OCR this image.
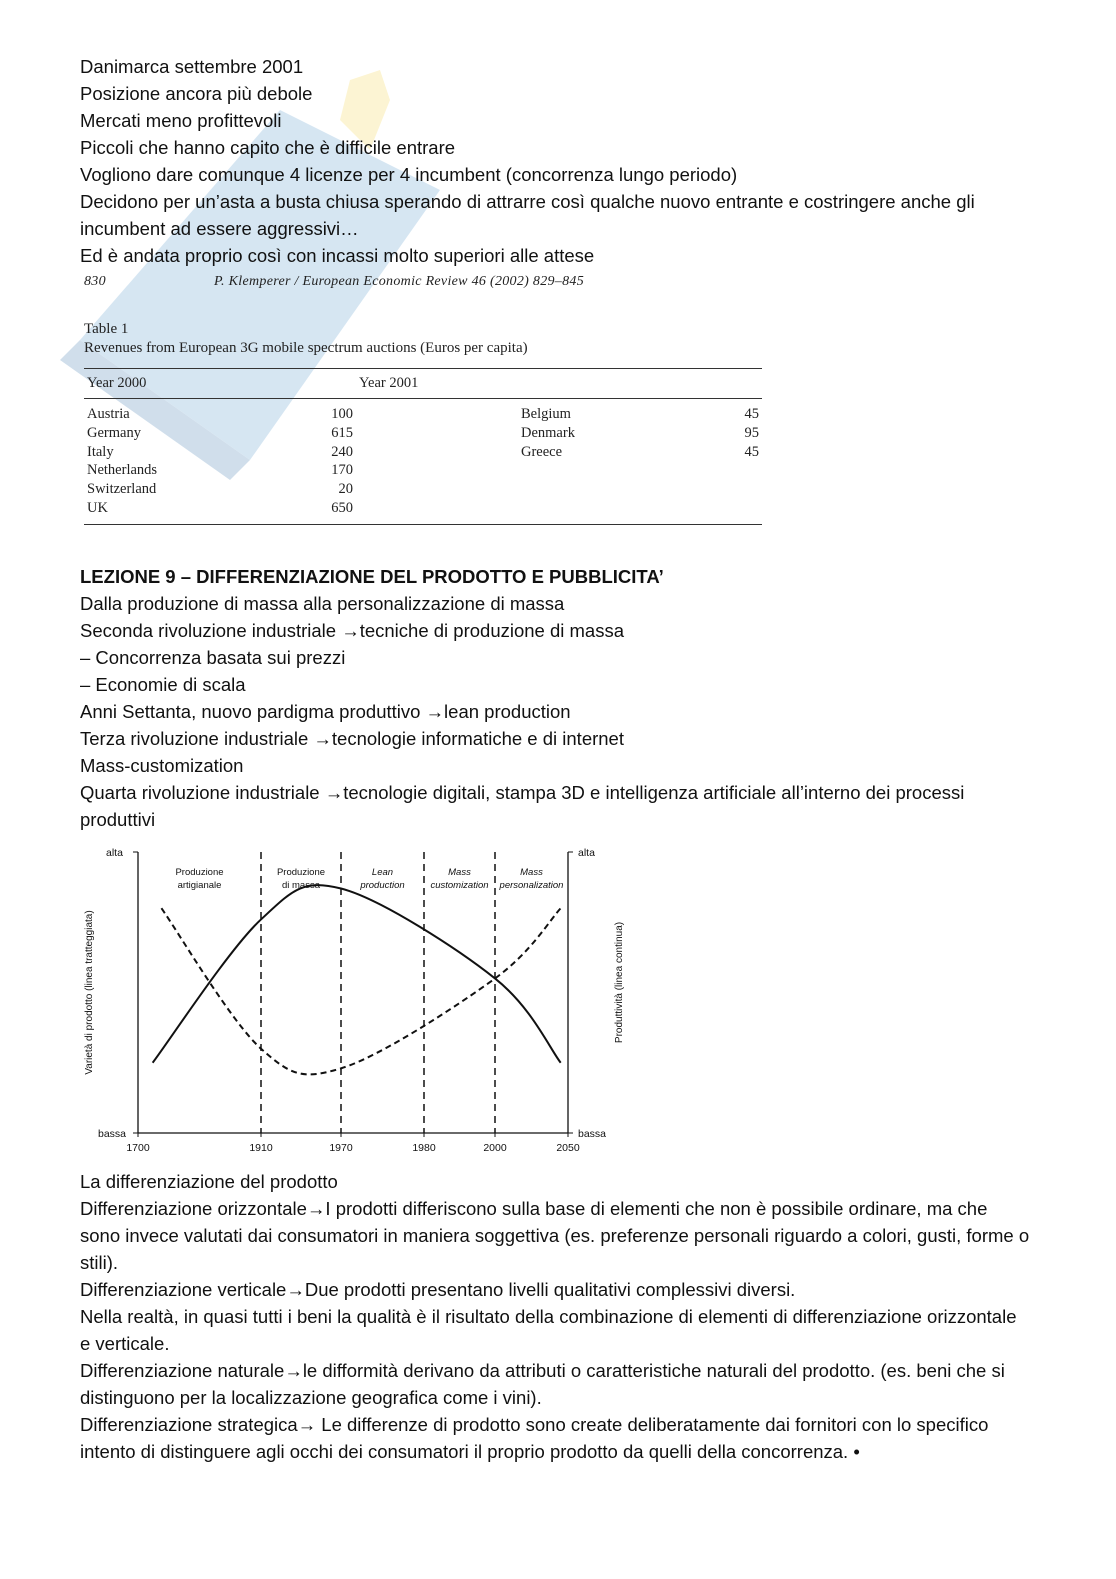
Danimarca settembre 2001

Posizione ancora più debole

Mercati meno profittevoli

Piccoli che hanno capito che è difficile entrare

Vogliono dare comunque 4 licenze per 4 incumbent (concorrenza lungo periodo)

Decidono per un’asta a busta chiusa sperando di attrarre così qualche nuovo entrante e costringere anche gli incumbent ad essere aggressivi…

Ed è andata proprio così con incassi molto superiori alle attese

830	P. Klemperer / European Economic Review 46 (2002) 829–845
Table 1
Revenues from European 3G mobile spectrum auctions (Euros per capita)
Year 2000		Year 2001	
Austria	100	Belgium	45
Germany	615	Denmark	95
Italy	240	Greece	45
Netherlands	170		
Switzerland	20		
UK	650		

LEZIONE 9 – DIFFERENZIAZIONE DEL PRODOTTO E PUBBLICITA’

Dalla produzione di massa alla personalizzazione di massa

Seconda rivoluzione industriale →tecniche di produzione di massa

– Concorrenza basata sui prezzi

– Economie di scala

Anni Settanta, nuovo pardigma produttivo →lean production

Terza rivoluzione industriale →tecnologie informatiche e di internet

Mass-customization

Quarta rivoluzione industriale →tecnologie digitali, stampa 3D e intelligenza artificiale all’interno dei processi produttivi

alta
bassa
alta
bassa
Varietà di prodotto (linea tratteggiata)	Produttività (linea continua)
Produzione
artigianale
Produzione
di massa
Lean
production
Mass
customization
Mass
personalization
1700	1910	1970	1980	2000	2050

La differenziazione del prodotto

Differenziazione orizzontale→I prodotti differiscono sulla base di elementi che non è possibile ordinare, ma che sono invece valutati dai consumatori in maniera soggettiva (es. preferenze personali riguardo a colori, gusti, forme o stili).

Differenziazione verticale→Due prodotti presentano livelli qualitativi complessivi diversi.

Nella realtà, in quasi tutti i beni la qualità è il risultato della combinazione di elementi di differenziazione orizzontale e verticale.

Differenziazione naturale→le difformità derivano da attributi o caratteristiche naturali del prodotto. (es. beni che si distinguono per la localizzazione geografica come i vini).

Differenziazione strategica→ Le differenze di prodotto sono create deliberatamente dai fornitori con lo specifico intento di distinguere agli occhi dei consumatori il proprio prodotto da quelli della concorrenza. •
